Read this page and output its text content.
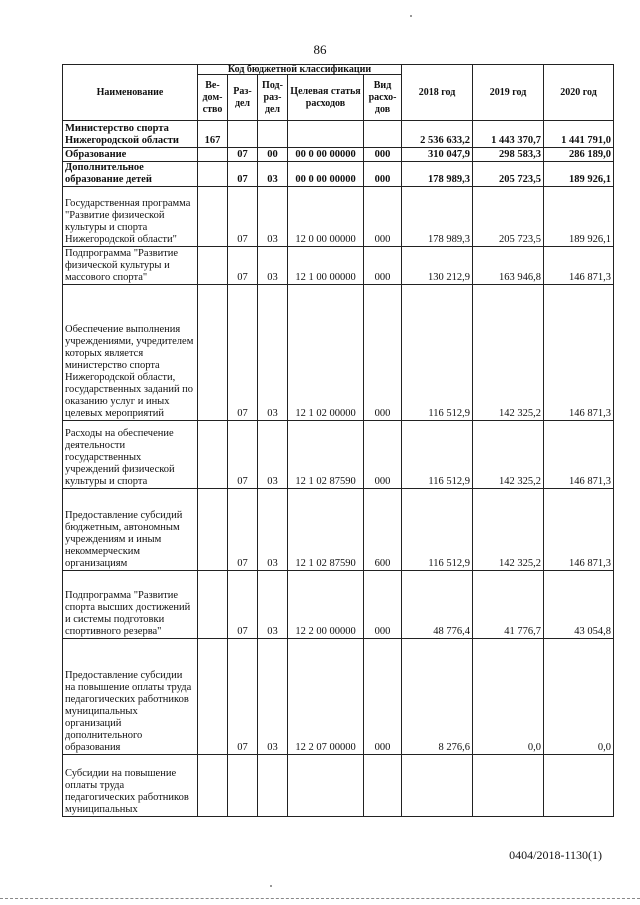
86
Наименование	Код бюджетной классификации					2018 год	2019 год	2020 год
	Ве-дом-ство	Раз-дел	Под-раз-дел	Целевая статья расходов	Вид расхо-дов			
Министерство спорта Нижегородской области	167					2 536 633,2	1 443 370,7	1 441 791,0
Образование		07	00	00 0 00 00000	000	310 047,9	298 583,3	286 189,0
Дополнительное образование детей		07	03	00 0 00 00000	000	178 989,3	205 723,5	189 926,1
Государственная программа "Развитие физической культуры и спорта Нижегородской области"		07	03	12 0 00 00000	000	178 989,3	205 723,5	189 926,1
Подпрограмма "Развитие физической культуры и массового спорта"		07	03	12 1 00 00000	000	130 212,9	163 946,8	146 871,3
Обеспечение выполнения учреждениями, учредителем которых является министерство спорта Нижегородской области, государственных заданий по оказанию услуг и иных целевых мероприятий		07	03	12 1 02 00000	000	116 512,9	142 325,2	146 871,3
Расходы на обеспечение деятельности государственных учреждений физической культуры и спорта		07	03	12 1 02 87590	000	116 512,9	142 325,2	146 871,3
Предоставление субсидий бюджетным, автономным учреждениям и иным некоммерческим организациям		07	03	12 1 02 87590	600	116 512,9	142 325,2	146 871,3
Подпрограмма "Развитие спорта высших достижений и системы подготовки спортивного резерва"		07	03	12 2 00 00000	000	48 776,4	41 776,7	43 054,8
Предоставление субсидии на повышение оплаты труда педагогических работников муниципальных организаций дополнительного образования		07	03	12 2 07 00000	000	8 276,6	0,0	0,0
Субсидии на повышение оплаты труда педагогических работников муниципальных								
0404/2018-1130(1)
